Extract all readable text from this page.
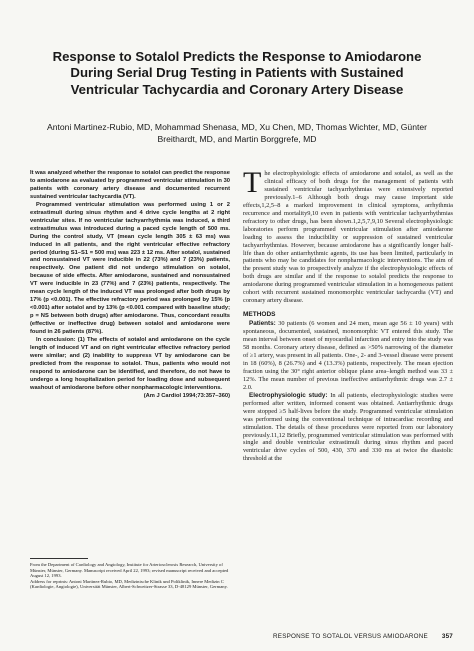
Response to Sotalol Predicts the Response to Amiodarone During Serial Drug Testing in Patients with Sustained Ventricular Tachycardia and Coronary Artery Disease
Antoni Martinez-Rubio, MD, Mohammad Shenasa, MD, Xu Chen, MD, Thomas Wichter, MD, Günter Breithardt, MD, and Martin Borggrefe, MD

It was analyzed whether the response to sotalol can predict the response to amiodarone as evaluated by programmed ventricular stimulation in 30 patients with coronary artery disease and documented recurrent sustained ventricular tachycardia (VT).

Programmed ventricular stimulation was performed using 1 or 2 extrastimuli during sinus rhythm and 4 drive cycle lengths at 2 right ventricular sites. If no ventricular tachyarrhythmia was induced, a third extrastimulus was introduced during a paced cycle length of 500 ms. During the control study, VT (mean cycle length 305 ± 63 ms) was induced in all patients, and the right ventricular effective refractory period (during S1–S1 = 500 ms) was 223 ± 12 ms. After sotalol, sustained and nonsustained VT were inducible in 22 (73%) and 7 (23%) patients, respectively. One patient did not undergo stimulation on sotalol, because of side effects. After amiodarone, sustained and nonsustained VT were inducible in 23 (77%) and 7 (23%) patients, respectively. The mean cycle length of the induced VT was prolonged after both drugs by 17% (p <0.001). The effective refractory period was prolonged by 15% (p <0.001) after sotalol and by 13% (p <0.001 compared with baseline study; p = NS between both drugs) after amiodarone. Thus, concordant results (effective or ineffective drug) between sotalol and amiodarone were found in 26 patients (87%).

In conclusion: (1) The effects of sotalol and amiodarone on the cycle length of induced VT and on right ventricular effective refractory period were similar; and (2) inability to suppress VT by amiodarone can be predicted from the response to sotalol. Thus, patients who would not respond to amiodarone can be identified, and therefore, do not have to undergo a long hospitalization period for loading dose and subsequent washout of amiodarone before other nonpharmacologic interventions.

(Am J Cardiol 1994;73:357–360)

From the Department of Cardiology and Angiology, Institute for Arteriosclerosis Research, University of Münster, Münster, Germany. Manuscript received April 22, 1993; revised manuscript received and accepted August 12, 1993.

Address for reprints: Antoni Martinez-Rubio, MD, Medizinische Klinik und Poliklinik, Innere Medizin C (Kardiologie, Angiologie), Universität Münster, Albert-Schweitzer-Strasse 33, D-48129 Münster, Germany.

The electrophysiologic effects of amiodarone and sotalol, as well as the clinical efficacy of both drugs for the management of patients with sustained ventricular tachyarrhythmias were extensively reported previously.1–6 Although both drugs may cause important side effects,1,2,5–8 a marked improvement in clinical symptoms, arrhythmia recurrence and mortality9,10 even in patients with ventricular tachyarrhythmias refractory to other drugs, has been shown.1,2,5,7,9,10 Several electrophysiologic laboratories perform programmed ventricular stimulation after amiodarone loading to assess the inducibility or suppression of sustained ventricular tachyarrhythmias. However, because amiodarone has a significantly longer half-life than do other antiarrhythmic agents, its use has been limited, particularly in patients who may be candidates for nonpharmacologic interventions. The aim of the present study was to prospectively analyze if the electrophysiologic effects of both drugs are similar and if the response to sotalol predicts the response to amiodarone during programmed ventricular stimulation in a homogeneous patient cohort with recurrent sustained monomorphic ventricular tachycardia (VT) and coronary artery disease.

METHODS

Patients: 30 patients (6 women and 24 men, mean age 56 ± 10 years) with spontaneous, documented, sustained, monomorphic VT entered this study. The mean interval between onset of myocardial infarction and entry into the study was 58 months. Coronary artery disease, defined as >50% narrowing of the diameter of ≥1 artery, was present in all patients. One-, 2- and 3-vessel disease were present in 18 (60%), 8 (26.7%) and 4 (13.3%) patients, respectively. The mean ejection fraction using the 30° right anterior oblique plane area–length method was 33 ± 12%. The mean number of previous ineffective antiarrhythmic drugs was 2.7 ± 2.0.

Electrophysiologic study: In all patients, electrophysiologic studies were performed after written, informed consent was obtained. Antiarrhythmic drugs were stopped ≥5 half-lives before the study. Programmed ventricular stimulation was performed using the conventional technique of intracardiac recording and stimulation. The details of these procedures were reported from our laboratory previously.11,12 Briefly, programmed ventricular stimulation was performed with single and double ventricular extrastimuli during sinus rhythm and paced ventricular drive cycles of 500, 430, 370 and 330 ms at twice the diastolic threshold at the

RESPONSE TO SOTALOL VERSUS AMIODARONE 357
